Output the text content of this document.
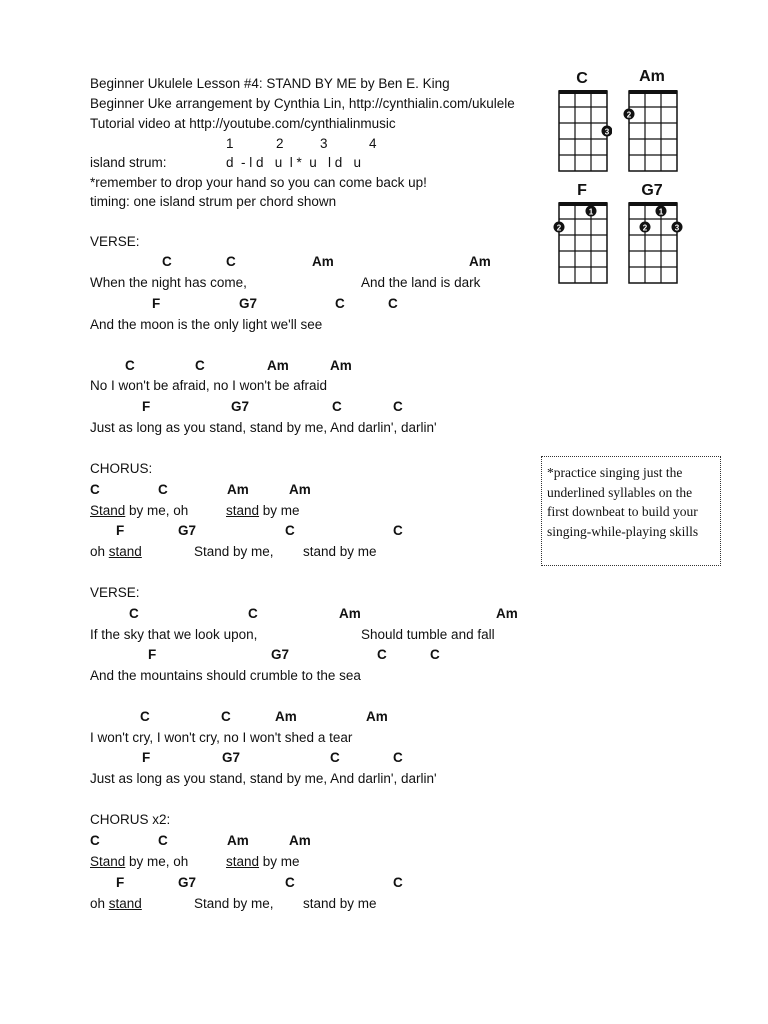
Beginner Ukulele Lesson #4: STAND BY ME by Ben E. King
Beginner Uke arrangement by Cynthia Lin, http://cynthialin.com/ukulele
Tutorial video at http://youtube.com/cynthialinmusic
1	2	3	4
island strum:	d  - l d   u  l *  u   l d   u
*remember to drop your hand so you can come back up!
timing: one island strum per chord shown
C	Am
F	G7
3
2
1
2
1
2	3
*practice singing just the underlined syllables on the first downbeat to build your singing-while-playing skills
VERSE:
C	C	Am	Am
When the night has come,	And the land is dark
F	G7	C	C
And the moon is the only light we'll see
C	C	Am	Am
No I won't be afraid, no I won't be afraid
F	G7	C	C
Just as long as you stand, stand by me, And darlin', darlin'
CHORUS:
C	C	Am	Am
Stand by me, oh	stand by me
F	G7	C	C
oh stand	Stand by me, stand by me
VERSE:
C	C	Am	Am
If the sky that we look upon,	Should tumble and fall
F	G7	C	C
And the mountains should crumble to the sea
C	C	Am	Am
I won't cry, I won't cry, no I won't shed a tear
F	G7	C	C
Just as long as you stand, stand by me, And darlin', darlin'
CHORUS x2:
C	C	Am	Am
Stand by me, oh	stand by me
F	G7	C	C
oh stand	Stand by me, stand by me
